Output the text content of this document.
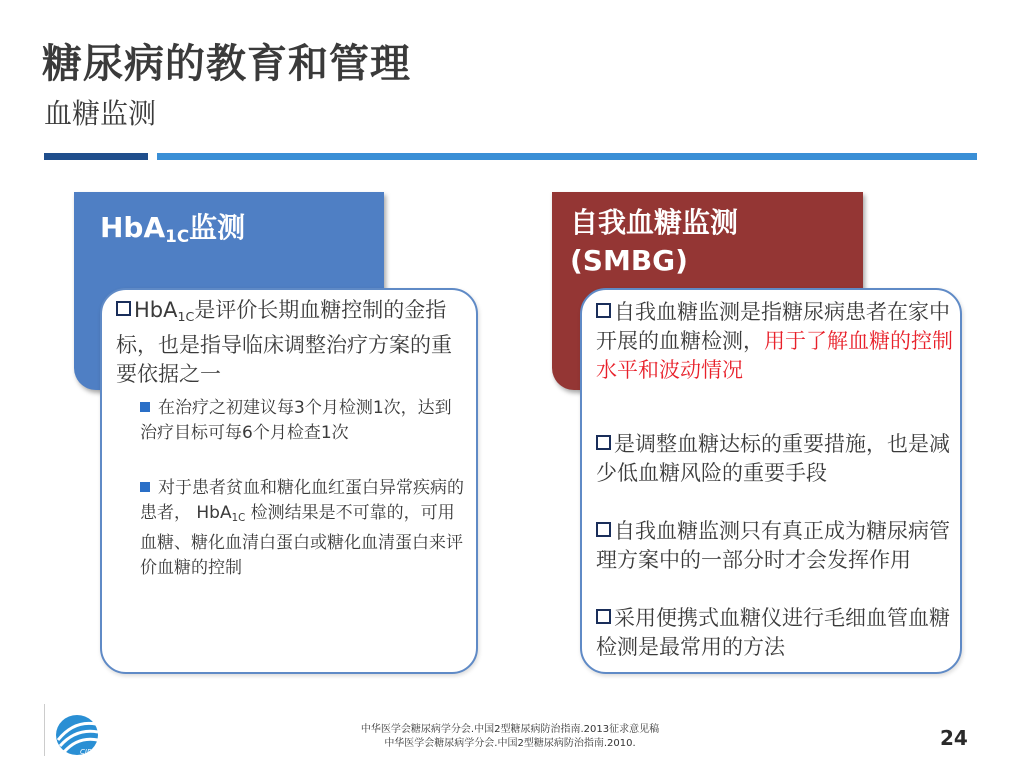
糖尿病的教育和管理
血糖监测
HbA$_{1C}$监测	自我血糖监测
(SMBG)
HbA$_{1C}$是评价长期血糖控制的金指标，也是指导临床调整治疗方案的重要依据之一
在治疗之初建议每3个月检测1次，达到治疗目标可每6个月检查1次
对于患者贫血和糖化血红蛋白异常疾病的患者， HbA$_{1C}$ 检测结果是不可靠的，可用血糖、糖化血清白蛋白或糖化血清蛋白来评价血糖的控制
自我血糖监测是指糖尿病患者在家中开展的血糖检测，用于了解血糖的控制水平和波动情况
是调整血糖达标的重要措施，也是减少低血糖风险的重要手段
自我血糖监测只有真正成为糖尿病管理方案中的一部分时才会发挥作用
采用便携式血糖仪进行毛细血管血糖检测是最常用的方法
CIDE
中华医学会糖尿病学分会.中国2型糖尿病防治指南.2013征求意见稿
中华医学会糖尿病学分会.中国2型糖尿病防治指南.2010.	24
